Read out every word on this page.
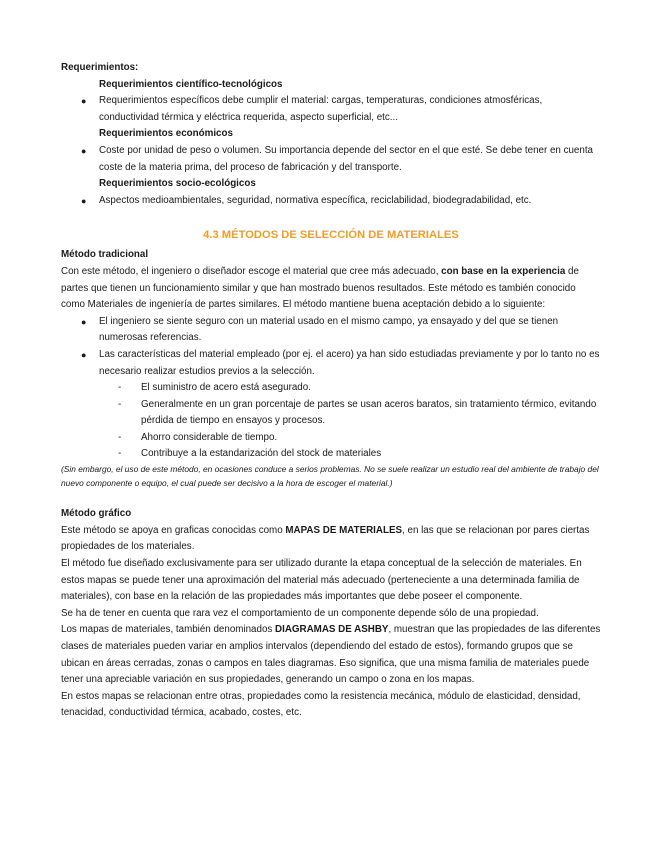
Requerimientos:

Requerimientos científico-tecnológicos

● Requerimientos específicos debe cumplir el material: cargas, temperaturas, condiciones atmosféricas, conductividad térmica y eléctrica requerida, aspecto superficial, etc...

Requerimientos económicos

● Coste por unidad de peso o volumen. Su importancia depende del sector en el que esté. Se debe tener en cuenta coste de la materia prima, del proceso de fabricación y del transporte.

Requerimientos socio-ecológicos

● Aspectos medioambientales, seguridad, normativa específica, reciclabilidad, biodegradabilidad, etc.
4.3 MÉTODOS DE SELECCIÓN DE MATERIALES

Método tradicional

Con este método, el ingeniero o diseñador escoge el material que cree más adecuado, con base en la experiencia de partes que tienen un funcionamiento similar y que han mostrado buenos resultados. Este método es también conocido como Materiales de ingeniería de partes similares. El método mantiene buena aceptación debido a lo siguiente:

● El ingeniero se siente seguro con un material usado en el mismo campo, ya ensayado y del que se tienen numerosas referencias.
● Las características del material empleado (por ej. el acero) ya han sido estudiadas previamente y por lo tanto no es necesario realizar estudios previos a la selección.
- El suministro de acero está asegurado.
- Generalmente en un gran porcentaje de partes se usan aceros baratos, sin tratamiento térmico, evitando pérdida de tiempo en ensayos y procesos.
- Ahorro considerable de tiempo.
- Contribuye a la estandarización del stock de materiales

(Sin embargo, el uso de este método, en ocasiones conduce a serios problemas. No se suele realizar un estudio real del ambiente de trabajo del nuevo componente o equipo, el cual puede ser decisivo a la hora de escoger el material.)

Método gráfico

Este método se apoya en graficas conocidas como MAPAS DE MATERIALES, en las que se relacionan por pares ciertas propiedades de los materiales.

El método fue diseñado exclusivamente para ser utilizado durante la etapa conceptual de la selección de materiales. En estos mapas se puede tener una aproximación del material más adecuado (perteneciente a una determinada familia de materiales), con base en la relación de las propiedades más importantes que debe poseer el componente.

Se ha de tener en cuenta que rara vez el comportamiento de un componente depende sólo de una propiedad.

Los mapas de materiales, también denominados DIAGRAMAS DE ASHBY, muestran que las propiedades de las diferentes clases de materiales pueden variar en amplios intervalos (dependiendo del estado de estos), formando grupos que se ubican en áreas cerradas, zonas o campos en tales diagramas. Eso significa, que una misma familia de materiales puede tener una apreciable variación en sus propiedades, generando un campo o zona en los mapas.

En estos mapas se relacionan entre otras, propiedades como la resistencia mecánica, módulo de elasticidad, densidad, tenacidad, conductividad térmica, acabado, costes, etc.
